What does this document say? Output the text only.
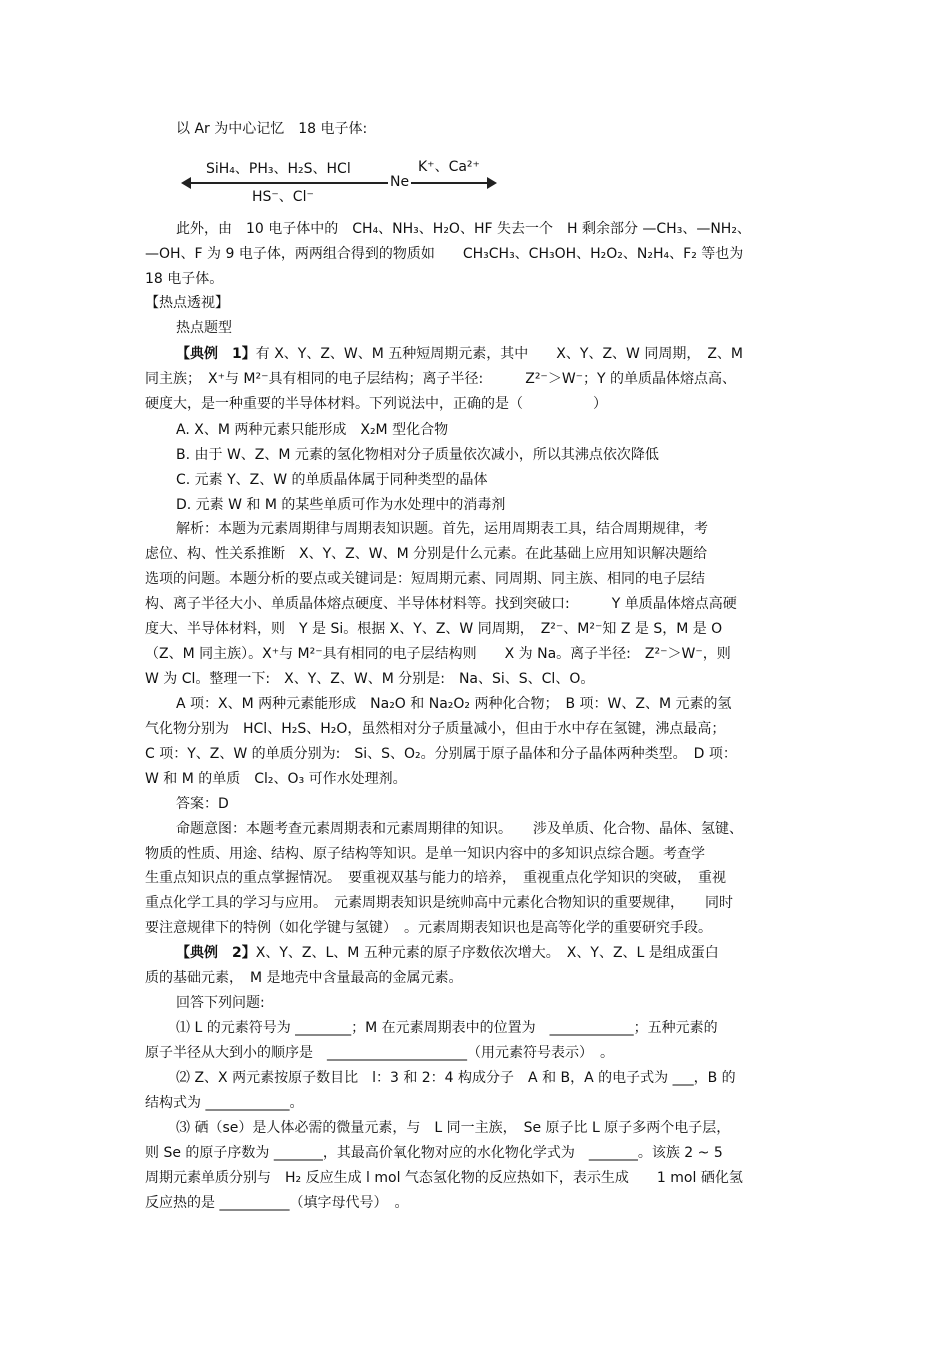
以 Ar 为中心记忆　18 电子体:
SiH₄、PH₃、H₂S、HCl	K⁺、Ca²⁺
Ne
HS⁻、Cl⁻
此外，由　10 电子体中的　CH₄、NH₃、H₂O、HF 失去一个　H 剩余部分 —CH₃、—NH₂、
—OH、F 为 9 电子体，两两组合得到的物质如　　CH₃CH₃、CH₃OH、H₂O₂、N₂H₄、F₂ 等也为
18 电子体。
【热点透视】
热点题型
【典例　1】有 X、Y、Z、W、M 五种短周期元素，其中　　X、Y、Z、W 同周期，　Z、M
同主族；　X⁺与 M²⁻具有相同的电子层结构；离子半径:　　　Z²⁻＞W⁻；Y 的单质晶体熔点高、
硬度大，是一种重要的半导体材料。下列说法中，正确的是（　　　　　）
A. X、M 两种元素只能形成　X₂M 型化合物
B. 由于 W、Z、M 元素的氢化物相对分子质量依次减小，所以其沸点依次降低
C. 元素 Y、Z、W 的单质晶体属于同种类型的晶体
D. 元素 W 和 M 的某些单质可作为水处理中的消毒剂
解析：本题为元素周期律与周期表知识题。首先，运用周期表工具，结合周期规律，考
虑位、构、性关系推断　X、Y、Z、W、M 分别是什么元素。在此基础上应用知识解决题给
选项的问题。本题分析的要点或关键词是：短周期元素、同周期、同主族、相同的电子层结
构、离子半径大小、单质晶体熔点硬度、半导体材料等。找到突破口:　　　Y 单质晶体熔点高硬
度大、半导体材料，则　Y 是 Si。根据 X、Y、Z、W 同周期，　Z²⁻、M²⁻知 Z 是 S，M 是 O
（Z、M 同主族）。X⁺与 M²⁻具有相同的电子层结构则　　X 为 Na。离子半径:　Z²⁻＞W⁻，则
W 为 Cl。整理一下:　X、Y、Z、W、M 分别是:　Na、Si、S、Cl、O。
A 项：X、M 两种元素能形成　Na₂O 和 Na₂O₂ 两种化合物；　B 项：W、Z、M 元素的氢
气化物分别为　HCl、H₂S、H₂O，虽然相对分子质量减小，但由于水中存在氢键，沸点最高；
C 项：Y、Z、W 的单质分别为:　Si、S、O₂。分别属于原子晶体和分子晶体两种类型。　D 项：
W 和 M 的单质　Cl₂、O₃ 可作水处理剂。
答案：D
命题意图：本题考查元素周期表和元素周期律的知识。　　涉及单质、化合物、晶体、氢键、
物质的性质、用途、结构、原子结构等知识。是单一知识内容中的多知识点综合题。考查学
生重点知识点的重点掌握情况。　要重视双基与能力的培养，　重视重点化学知识的突破，　重视
重点化学工具的学习与应用。　元素周期表知识是统帅高中元素化合物知识的重要规律，　　同时
要注意规律下的特例（如化学键与氢键）　。元素周期表知识也是高等化学的重要研究手段。
【典例　2】X、Y、Z、L、M 五种元素的原子序数依次增大。　X、Y、Z、L 是组成蛋白
质的基础元素，　M 是地壳中含量最高的金属元素。
回答下列问题:
⑴ L 的元素符号为 ________；M 在元素周期表中的位置为　____________；五种元素的
原子半径从大到小的顺序是　____________________（用元素符号表示）　。
⑵ Z、X 两元素按原子数目比　l：3 和 2：4 构成分子　A 和 B，A 的电子式为 ___，B 的
结构式为 ____________。
⑶ 硒（se）是人体必需的微量元素，与　L 同一主族，　Se 原子比 L 原子多两个电子层，
则 Se 的原子序数为 _______，其最高价氧化物对应的水化物化学式为　_______。该族 2 ~ 5
周期元素单质分别与　H₂ 反应生成 l mol 气态氢化物的反应热如下，表示生成　　1 mol 硒化氢
反应热的是 __________（填字母代号）　。
